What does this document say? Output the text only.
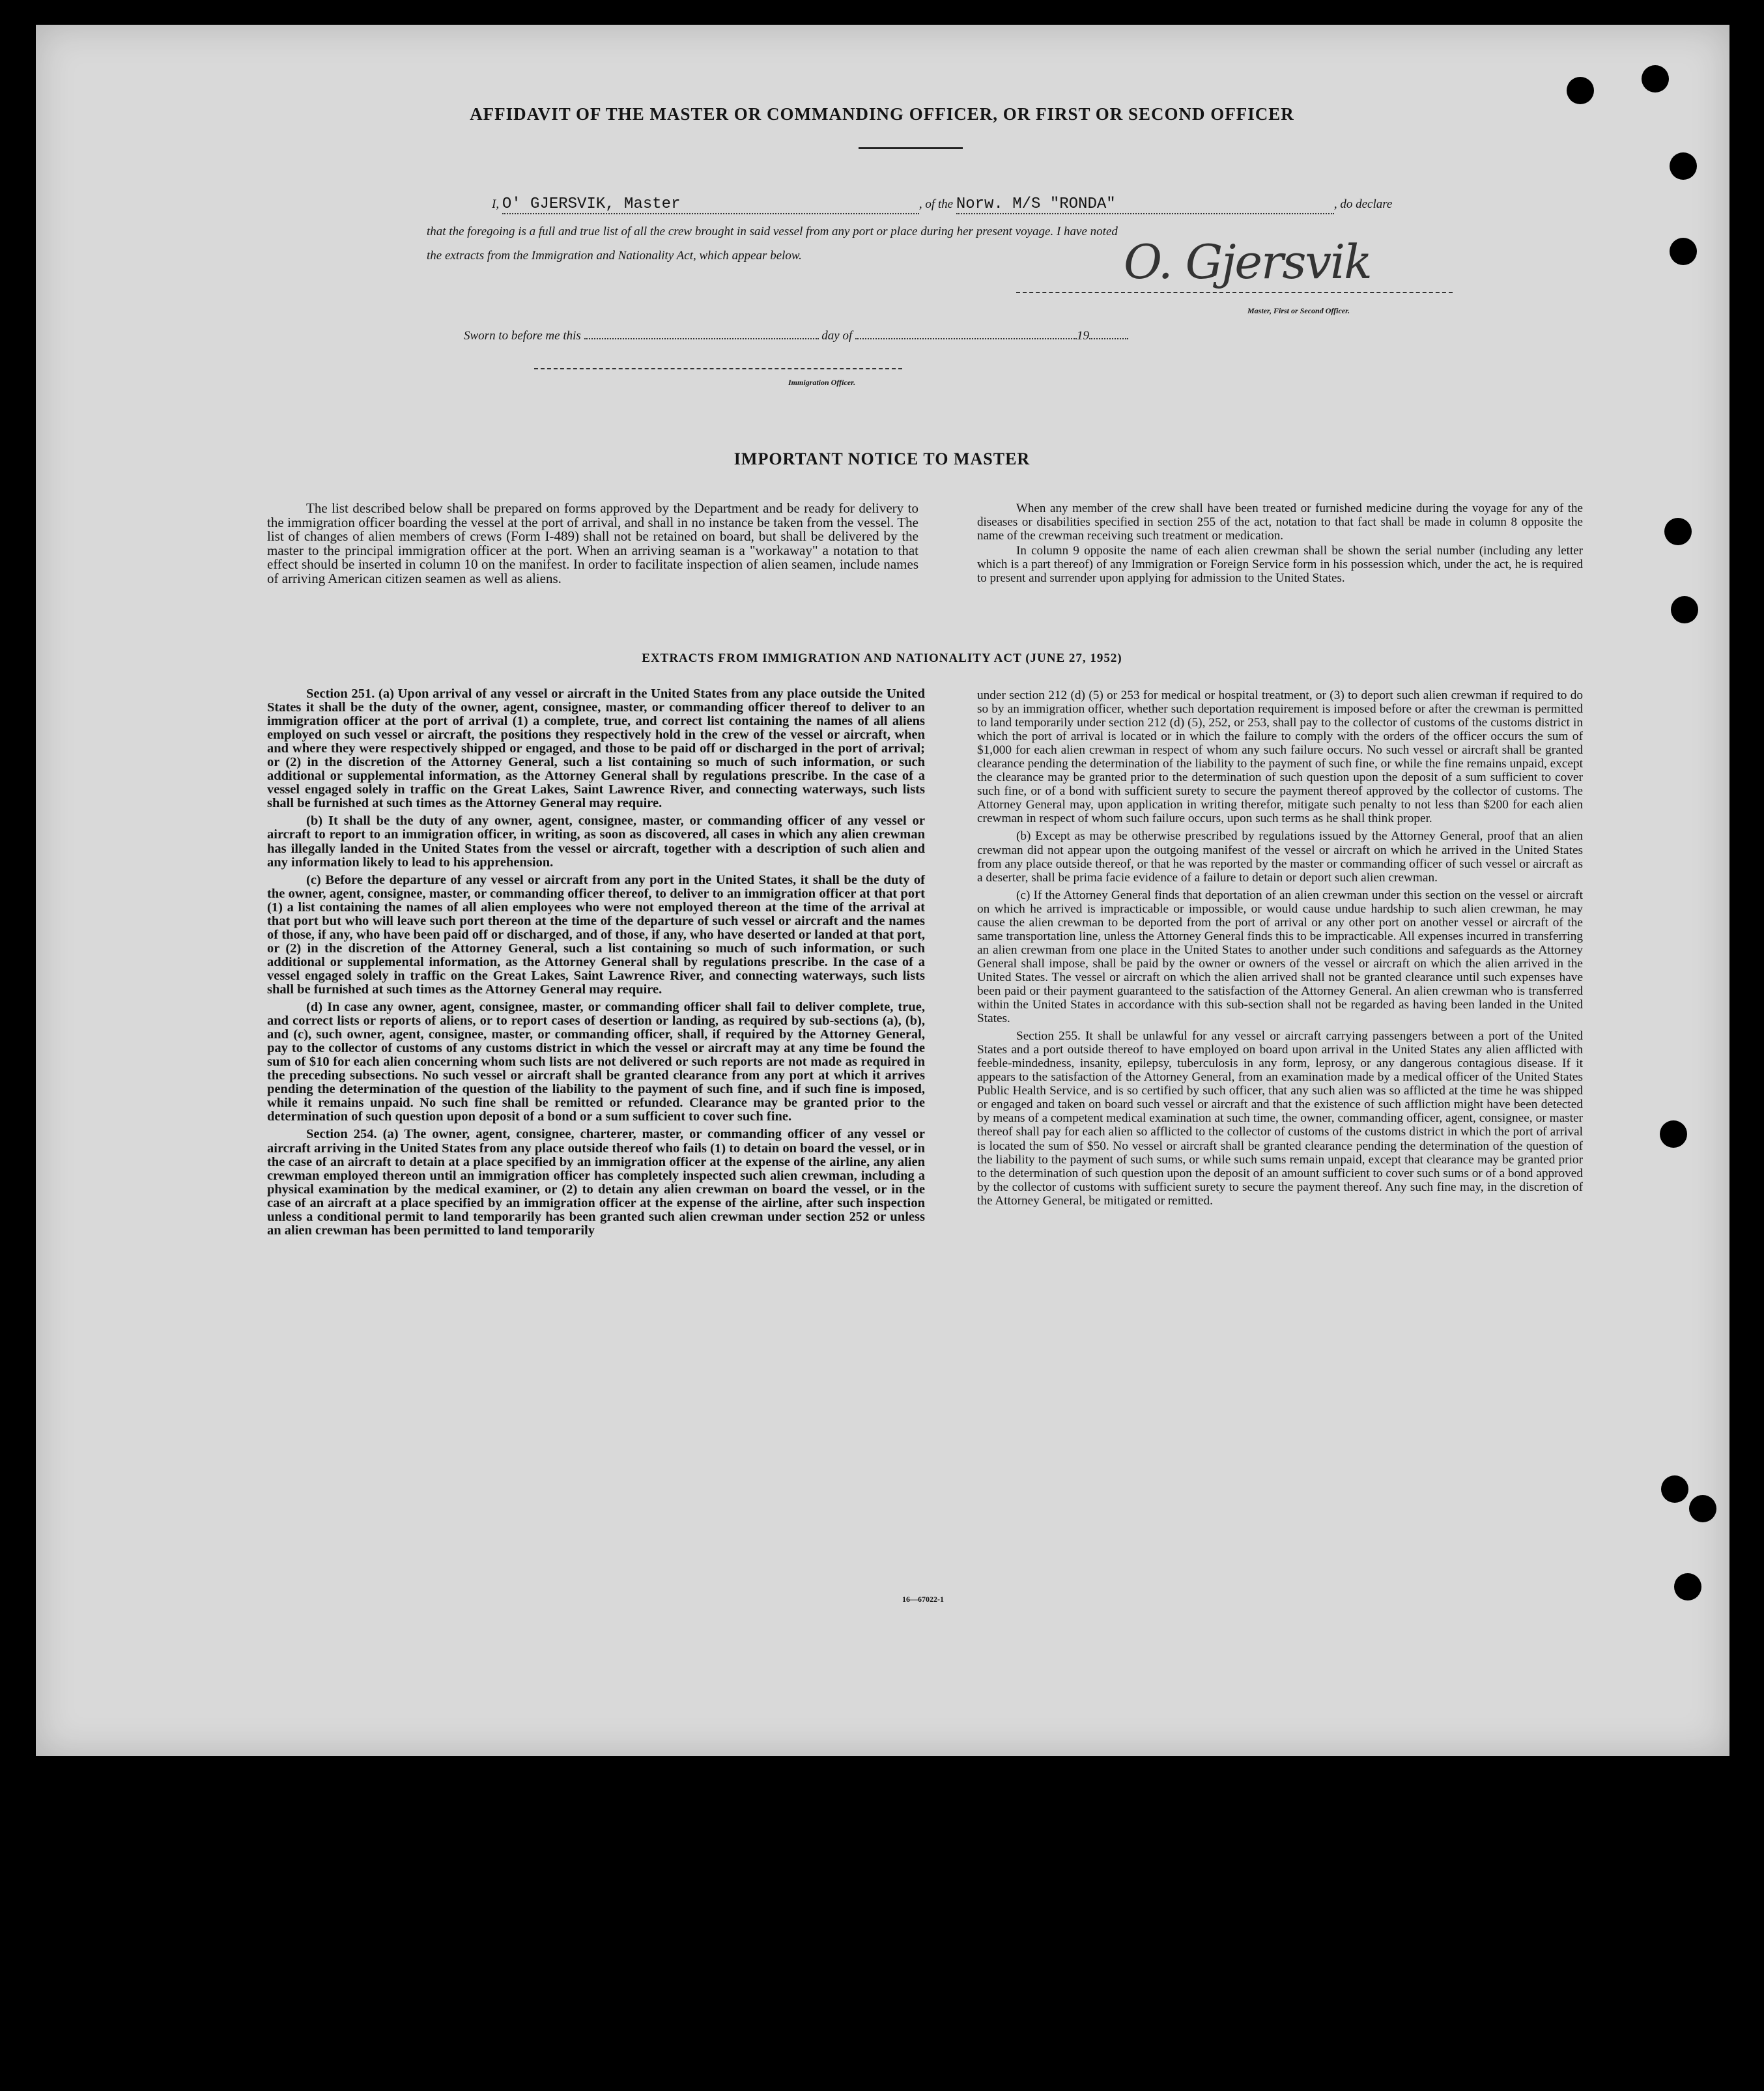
AFFIDAVIT OF THE MASTER OR COMMANDING OFFICER, OR FIRST OR SECOND OFFICER
I, O' GJERSVIK, Master	, of the Norw. M/S "RONDA"	, do declare
that the foregoing is a full and true list of all the crew brought in said vessel from any port or place during her present voyage. I have noted
the extracts from the Immigration and Nationality Act, which appear below.	O. Gjersvik
Master, First or Second Officer.
Sworn to before me this	day of	19
Immigration Officer.
IMPORTANT NOTICE TO MASTER

The list described below shall be prepared on forms approved by the Department and be ready for delivery to the immigration officer boarding the vessel at the port of arrival, and shall in no instance be taken from the vessel. The list of changes of alien members of crews (Form I-489) shall not be retained on board, but shall be delivered by the master to the principal immigration officer at the port. When an arriving seaman is a "workaway" a notation to that effect should be inserted in column 10 on the manifest. In order to facilitate inspection of alien seamen, include names of arriving American citizen seamen as well as aliens.

When any member of the crew shall have been treated or furnished medicine during the voyage for any of the diseases or disabilities specified in section 255 of the act, notation to that fact shall be made in column 8 opposite the name of the crewman receiving such treatment or medication.

In column 9 opposite the name of each alien crewman shall be shown the serial number (including any letter which is a part thereof) of any Immigration or Foreign Service form in his possession which, under the act, he is required to present and surrender upon applying for admission to the United States.

EXTRACTS FROM IMMIGRATION AND NATIONALITY ACT (JUNE 27, 1952)

Section 251. (a) Upon arrival of any vessel or aircraft in the United States from any place outside the United States it shall be the duty of the owner, agent, consignee, master, or commanding officer thereof to deliver to an immigration officer at the port of arrival (1) a complete, true, and correct list containing the names of all aliens employed on such vessel or aircraft, the positions they respectively hold in the crew of the vessel or aircraft, when and where they were respectively shipped or engaged, and those to be paid off or discharged in the port of arrival; or (2) in the discretion of the Attorney General, such a list containing so much of such information, or such additional or supplemental information, as the Attorney General shall by regulations prescribe. In the case of a vessel engaged solely in traffic on the Great Lakes, Saint Lawrence River, and connecting waterways, such lists shall be furnished at such times as the Attorney General may require.

(b) It shall be the duty of any owner, agent, consignee, master, or commanding officer of any vessel or aircraft to report to an immigration officer, in writing, as soon as discovered, all cases in which any alien crewman has illegally landed in the United States from the vessel or aircraft, together with a description of such alien and any information likely to lead to his apprehension.

(c) Before the departure of any vessel or aircraft from any port in the United States, it shall be the duty of the owner, agent, consignee, master, or commanding officer thereof, to deliver to an immigration officer at that port (1) a list containing the names of all alien employees who were not employed thereon at the time of the arrival at that port but who will leave such port thereon at the time of the departure of such vessel or aircraft and the names of those, if any, who have been paid off or discharged, and of those, if any, who have deserted or landed at that port, or (2) in the discretion of the Attorney General, such a list containing so much of such information, or such additional or supplemental information, as the Attorney General shall by regulations prescribe. In the case of a vessel engaged solely in traffic on the Great Lakes, Saint Lawrence River, and connecting waterways, such lists shall be furnished at such times as the Attorney General may require.

(d) In case any owner, agent, consignee, master, or commanding officer shall fail to deliver complete, true, and correct lists or reports of aliens, or to report cases of desertion or landing, as required by sub-sections (a), (b), and (c), such owner, agent, consignee, master, or commanding officer, shall, if required by the Attorney General, pay to the collector of customs of any customs district in which the vessel or aircraft may at any time be found the sum of $10 for each alien concerning whom such lists are not delivered or such reports are not made as required in the preceding subsections. No such vessel or aircraft shall be granted clearance from any port at which it arrives pending the determination of the question of the liability to the payment of such fine, and if such fine is imposed, while it remains unpaid. No such fine shall be remitted or refunded. Clearance may be granted prior to the determination of such question upon deposit of a bond or a sum sufficient to cover such fine.

Section 254. (a) The owner, agent, consignee, charterer, master, or commanding officer of any vessel or aircraft arriving in the United States from any place outside thereof who fails (1) to detain on board the vessel, or in the case of an aircraft to detain at a place specified by an immigration officer at the expense of the airline, any alien crewman employed thereon until an immigration officer has completely inspected such alien crewman, including a physical examination by the medical examiner, or (2) to detain any alien crewman on board the vessel, or in the case of an aircraft at a place specified by an immigration officer at the expense of the airline, after such inspection unless a conditional permit to land temporarily has been granted such alien crewman under section 252 or unless an alien crewman has been permitted to land temporarily

under section 212 (d) (5) or 253 for medical or hospital treatment, or (3) to deport such alien crewman if required to do so by an immigration officer, whether such deportation requirement is imposed before or after the crewman is permitted to land temporarily under section 212 (d) (5), 252, or 253, shall pay to the collector of customs of the customs district in which the port of arrival is located or in which the failure to comply with the orders of the officer occurs the sum of $1,000 for each alien crewman in respect of whom any such failure occurs. No such vessel or aircraft shall be granted clearance pending the determination of the liability to the payment of such fine, or while the fine remains unpaid, except the clearance may be granted prior to the determination of such question upon the deposit of a sum sufficient to cover such fine, or of a bond with sufficient surety to secure the payment thereof approved by the collector of customs. The Attorney General may, upon application in writing therefor, mitigate such penalty to not less than $200 for each alien crewman in respect of whom such failure occurs, upon such terms as he shall think proper.

(b) Except as may be otherwise prescribed by regulations issued by the Attorney General, proof that an alien crewman did not appear upon the outgoing manifest of the vessel or aircraft on which he arrived in the United States from any place outside thereof, or that he was reported by the master or commanding officer of such vessel or aircraft as a deserter, shall be prima facie evidence of a failure to detain or deport such alien crewman.

(c) If the Attorney General finds that deportation of an alien crewman under this section on the vessel or aircraft on which he arrived is impracticable or impossible, or would cause undue hardship to such alien crewman, he may cause the alien crewman to be deported from the port of arrival or any other port on another vessel or aircraft of the same transportation line, unless the Attorney General finds this to be impracticable. All expenses incurred in transferring an alien crewman from one place in the United States to another under such conditions and safeguards as the Attorney General shall impose, shall be paid by the owner or owners of the vessel or aircraft on which the alien arrived in the United States. The vessel or aircraft on which the alien arrived shall not be granted clearance until such expenses have been paid or their payment guaranteed to the satisfaction of the Attorney General. An alien crewman who is transferred within the United States in accordance with this sub-section shall not be regarded as having been landed in the United States.

Section 255. It shall be unlawful for any vessel or aircraft carrying passengers between a port of the United States and a port outside thereof to have employed on board upon arrival in the United States any alien afflicted with feeble-mindedness, insanity, epilepsy, tuberculosis in any form, leprosy, or any dangerous contagious disease. If it appears to the satisfaction of the Attorney General, from an examination made by a medical officer of the United States Public Health Service, and is so certified by such officer, that any such alien was so afflicted at the time he was shipped or engaged and taken on board such vessel or aircraft and that the existence of such affliction might have been detected by means of a competent medical examination at such time, the owner, commanding officer, agent, consignee, or master thereof shall pay for each alien so afflicted to the collector of customs of the customs district in which the port of arrival is located the sum of $50. No vessel or aircraft shall be granted clearance pending the determination of the question of the liability to the payment of such sums, or while such sums remain unpaid, except that clearance may be granted prior to the determination of such question upon the deposit of an amount sufficient to cover such sums or of a bond approved by the collector of customs with sufficient surety to secure the payment thereof. Any such fine may, in the discretion of the Attorney General, be mitigated or remitted.

16—67022-1
